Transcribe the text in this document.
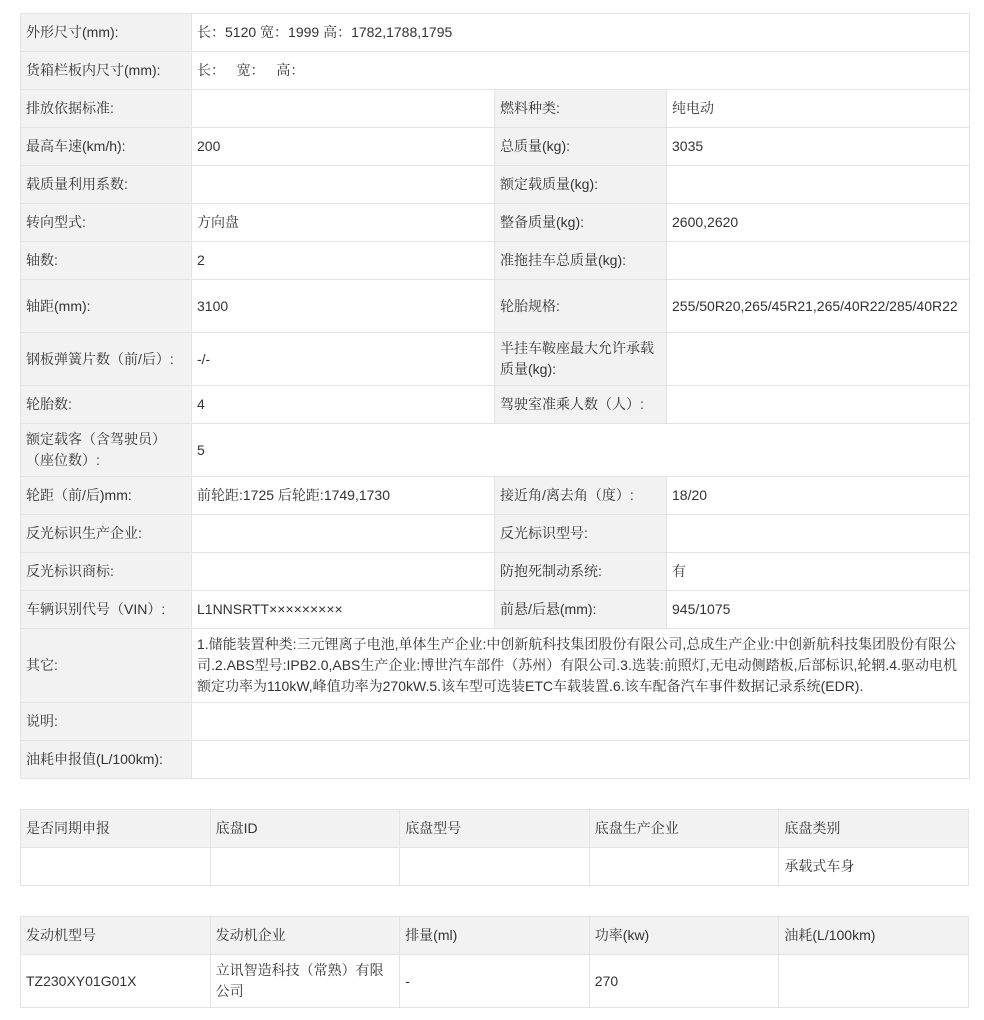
外形尺寸(mm):	长：5120 宽：1999 高：1782,1788,1795		
货箱栏板内尺寸(mm):	长：   宽：   高：		
排放依据标准:		燃料种类:	纯电动
最高车速(km/h):	200	总质量(kg):	3035
载质量利用系数:		额定载质量(kg):	
转向型式:	方向盘	整备质量(kg):	2600,2620
轴数:	2	准拖挂车总质量(kg):	
轴距(mm):	3100	轮胎规格:	255/50R20,265/45R21,265/40R22/285/40R22
钢板弹簧片数（前/后）:	-/-	半挂车鞍座最大允许承载质量(kg):	
轮胎数:	4	驾驶室准乘人数（人）:	
额定载客（含驾驶员）（座位数）:	5		
轮距（前/后)mm:	前轮距:1725 后轮距:1749,1730	接近角/离去角（度）:	18/20
反光标识生产企业:		反光标识型号:	
反光标识商标:		防抱死制动系统:	有
车辆识别代号（VIN）:	L1NNSRTT×××××××××	前悬/后悬(mm):	945/1075
其它:	1.储能装置种类:三元锂离子电池,单体生产企业:中创新航科技集团股份有限公司,总成生产企业:中创新航科技集团股份有限公司.2.ABS型号:IPB2.0,ABS生产企业:博世汽车部件（苏州）有限公司.3.选装:前照灯,无电动侧踏板,后部标识,轮辋.4.驱动电机额定功率为110kW,峰值功率为270kW.5.该车型可选装ETC车载装置.6.该车配备汽车事件数据记录系统(EDR).		
说明:			
油耗申报值(L/100km):			
是否同期申报	底盘ID	底盘型号	底盘生产企业	底盘类别
				承载式车身
发动机型号	发动机企业	排量(ml)	功率(kw)	油耗(L/100km)
TZ230XY01G01X	立讯智造科技（常熟）有限公司	-	270	
